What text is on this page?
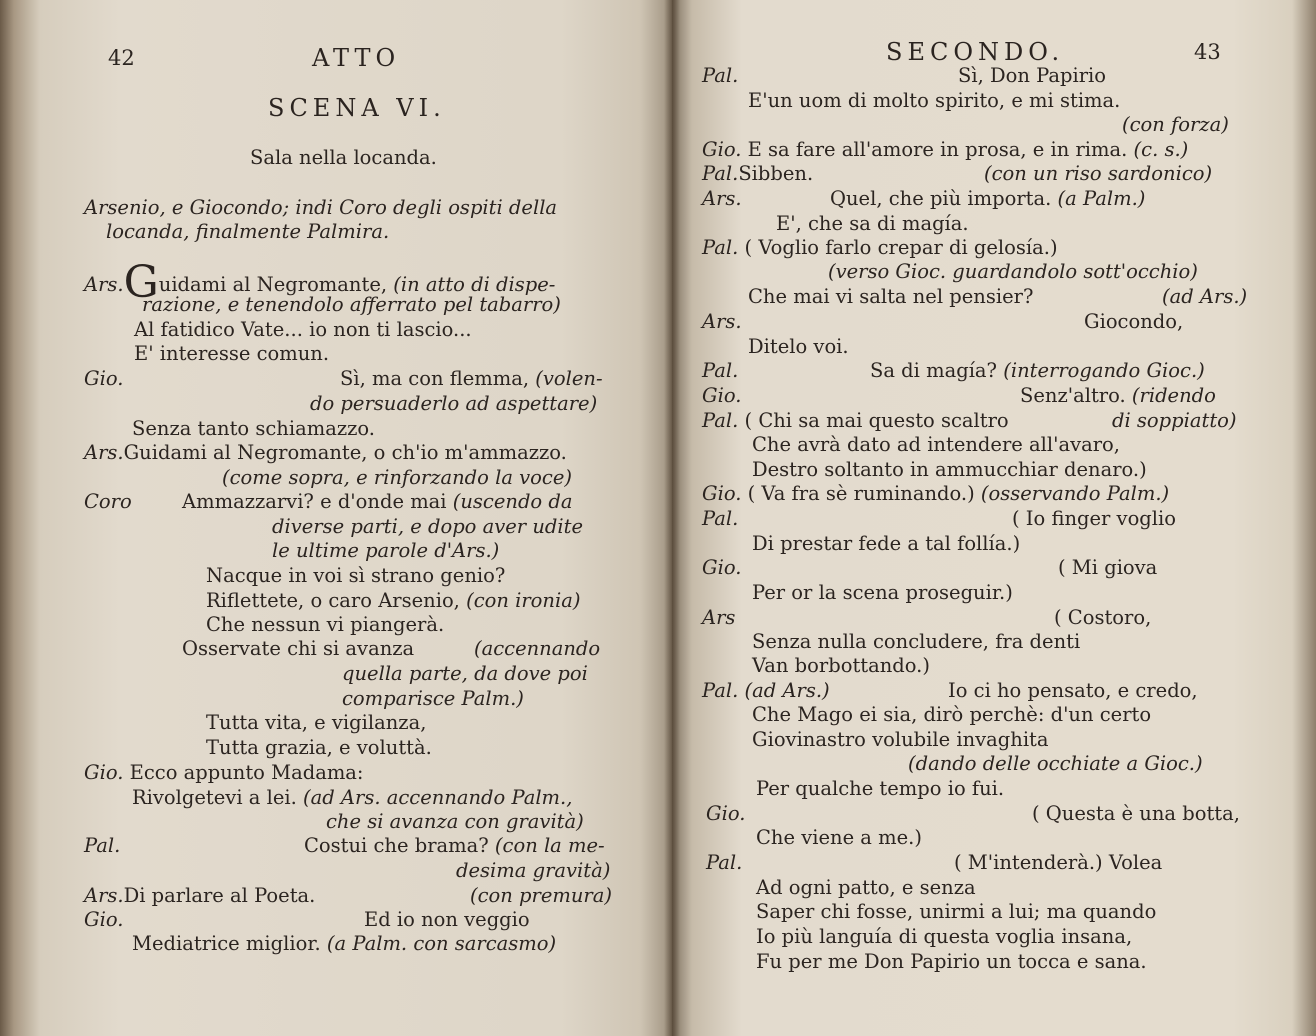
42	ATTO
SCENA VI.
Sala nella locanda.
Arsenio, e Giocondo; indi Coro degli ospiti della
locanda, finalmente Palmira.
Ars.Guidami al Negromante, (in atto di dispe-
razione, e tenendolo afferrato pel tabarro)
Al fatidico Vate... io non ti lascio...
E' interesse comun.
Gio.	Sì, ma con flemma, (volen-
do persuaderlo ad aspettare)
Senza tanto schiamazzo.
Ars.Guidami al Negromante, o ch'io m'ammazzo.
(come sopra, e rinforzando la voce)
Coro	Ammazzarvi? e d'onde mai (uscendo da
diverse parti, e dopo aver udite
le ultime parole d'Ars.)
Nacque in voi sì strano genio?
Riflettete, o caro Arsenio, (con ironia)
Che nessun vi piangerà.
Osservate chi si avanza	(accennando
quella parte, da dove poi
comparisce Palm.)
Tutta vita, e vigilanza,
Tutta grazia, e voluttà.
Gio. Ecco appunto Madama:
Rivolgetevi a lei. (ad Ars. accennando Palm.,
che si avanza con gravità)
Pal.	Costui che brama? (con la me-
desima gravità)
Ars.Di parlare al Poeta.	(con premura)
Gio.	Ed io non veggio
Mediatrice miglior. (a Palm. con sarcasmo)
SECONDO.	43
Pal.	Sì, Don Papirio
E'un uom di molto spirito, e mi stima.
(con forza)
Gio. E sa fare all'amore in prosa, e in rima. (c. s.)
Pal.Sibben.	(con un riso sardonico)
Ars.	Quel, che più importa. (a Palm.)
E', che sa di magía.
Pal. ( Voglio farlo crepar di gelosía.)
(verso Gioc. guardandolo sott'occhio)
Che mai vi salta nel pensier?	(ad Ars.)
Ars.	Giocondo,
Ditelo voi.
Pal.	Sa di magía? (interrogando Gioc.)
Gio.	Senz'altro. (ridendo
Pal. ( Chi sa mai questo scaltro	di soppiatto)
Che avrà dato ad intendere all'avaro,
Destro soltanto in ammucchiar denaro.)
Gio. ( Va fra sè ruminando.) (osservando Palm.)
Pal.	( Io finger voglio
Di prestar fede a tal follía.)
Gio.	( Mi giova
Per or la scena proseguir.)
Ars	( Costoro,
Senza nulla concludere, fra denti
Van borbottando.)
Pal. (ad Ars.)	Io ci ho pensato, e credo,
Che Mago ei sia, dirò perchè: d'un certo
Giovinastro volubile invaghita
(dando delle occhiate a Gioc.)
Per qualche tempo io fui.
Gio.	( Questa è una botta,
Che viene a me.)
Pal.	( M'intenderà.) Volea
Ad ogni patto, e senza
Saper chi fosse, unirmi a lui; ma quando
Io più languía di questa voglia insana,
Fu per me Don Papirio un tocca e sana.
